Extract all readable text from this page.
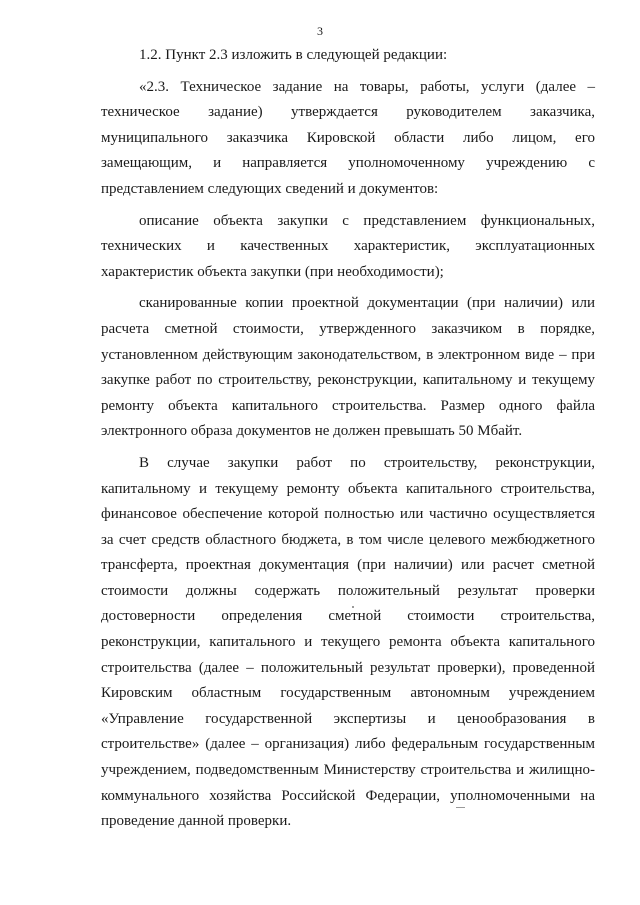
3

1.2. Пункт 2.3 изложить в следующей редакции:

«2.3. Техническое задание на товары, работы, услуги (далее – техническое задание) утверждается руководителем заказчика, муниципального заказчика Кировской области либо лицом, его замещающим, и направляется уполномоченному учреждению с представлением следующих сведений и документов:

описание объекта закупки с представлением функциональных, технических и качественных характеристик, эксплуатационных характеристик объекта закупки (при необходимости);

сканированные копии проектной документации (при наличии) или расчета сметной стоимости, утвержденного заказчиком в порядке, установленном действующим законодательством, в электронном виде – при закупке работ по строительству, реконструкции, капитальному и текущему ремонту объекта капитального строительства. Размер одного файла электронного образа документов не должен превышать 50 Мбайт.

В случае закупки работ по строительству, реконструкции, капитальному и текущему ремонту объекта капитального строительства, финансовое обеспечение которой полностью или частично осуществляется за счет средств областного бюджета, в том числе целевого межбюджетного трансферта, проектная документация (при наличии) или расчет сметной стоимости должны содержать положительный результат проверки достоверности определения сметной стоимости строительства, реконструкции, капитального и текущего ремонта объекта капитального строительства (далее – положительный результат проверки), проведенной Кировским областным государственным автономным учреждением «Управление государственной экспертизы и ценообразования в строительстве» (далее – организация) либо федеральным государственным учреждением, подведомственным Министерству строительства и жилищно-коммунального хозяйства Российской Федерации, уполномоченными на проведение данной проверки.
